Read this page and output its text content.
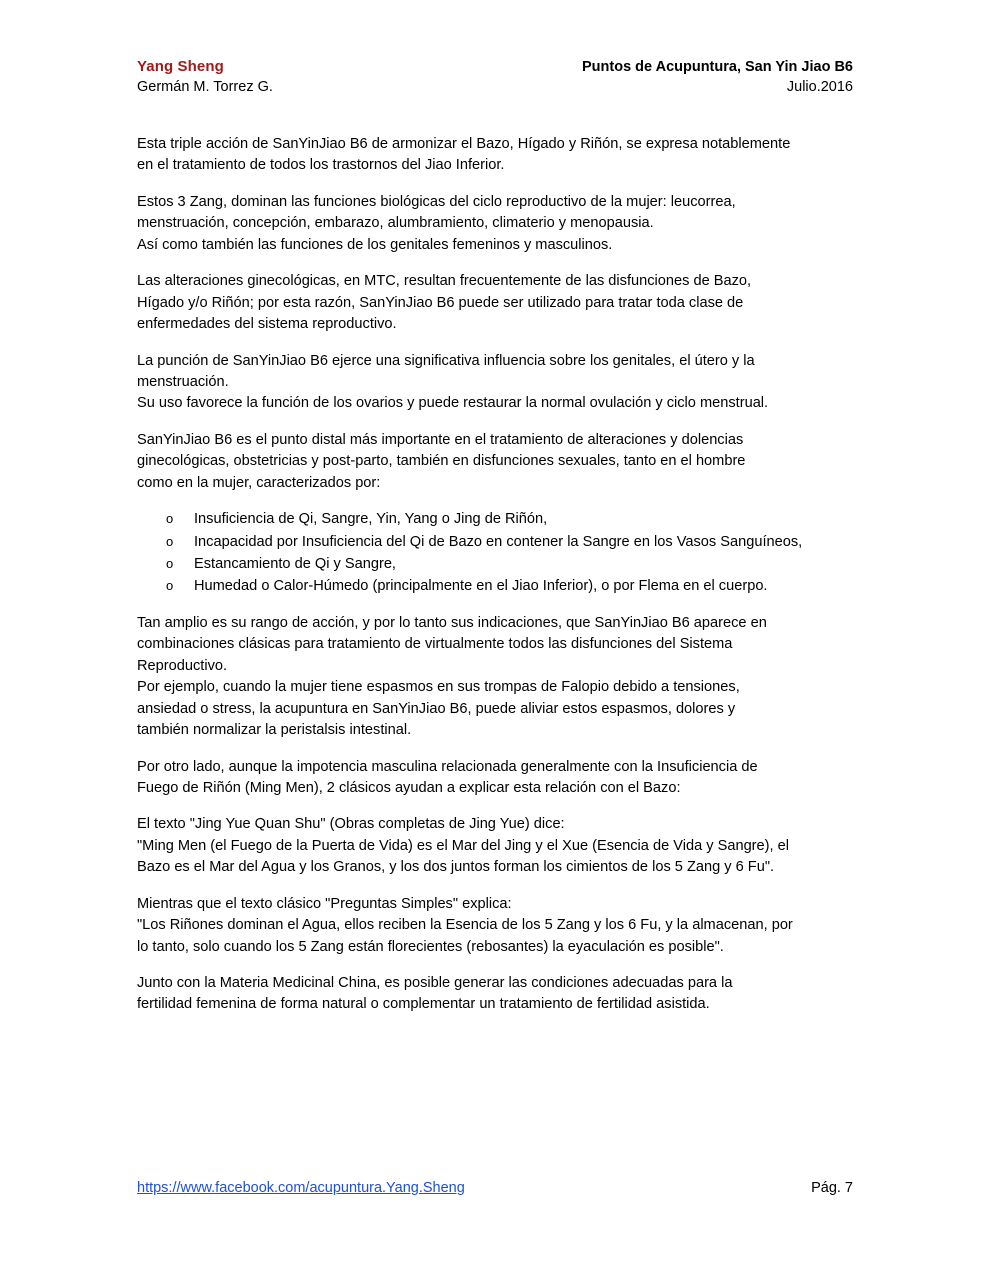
Yang Sheng	Puntos de Acupuntura, San Yin Jiao B6
Germán M. Torrez G.	Julio.2016

Esta triple acción de SanYinJiao B6 de armonizar el Bazo, Hígado y Riñón, se expresa notablemente
en el tratamiento de todos los trastornos del Jiao Inferior.

Estos 3 Zang, dominan las funciones biológicas del ciclo reproductivo de la mujer: leucorrea,
menstruación, concepción, embarazo, alumbramiento, climaterio y menopausia.
Así como también las funciones de los genitales femeninos y masculinos.

Las alteraciones ginecológicas, en MTC, resultan frecuentemente de las disfunciones de Bazo,
Hígado y/o Riñón; por esta razón, SanYinJiao B6 puede ser utilizado para tratar toda clase de
enfermedades del sistema reproductivo.

La punción de SanYinJiao B6 ejerce una significativa influencia sobre los genitales, el útero y la
menstruación.
Su uso favorece la función de los ovarios y puede restaurar la normal ovulación y ciclo menstrual.

SanYinJiao B6 es el punto distal más importante en el tratamiento de alteraciones y dolencias
ginecológicas, obstetricias y post-parto, también en disfunciones sexuales, tanto en el hombre
como en la mujer, caracterizados por:

o Insuficiencia de Qi, Sangre, Yin, Yang o Jing de Riñón,
o Incapacidad por Insuficiencia del Qi de Bazo en contener la Sangre en los Vasos Sanguíneos,
o Estancamiento de Qi y Sangre,
o Humedad o Calor-Húmedo (principalmente en el Jiao Inferior), o por Flema en el cuerpo.

Tan amplio es su rango de acción, y por lo tanto sus indicaciones, que SanYinJiao B6 aparece en
combinaciones clásicas para tratamiento de virtualmente todos las disfunciones del Sistema
Reproductivo.
Por ejemplo, cuando la mujer tiene espasmos en sus trompas de Falopio debido a tensiones,
ansiedad o stress, la acupuntura en SanYinJiao B6, puede aliviar estos espasmos, dolores y
también normalizar la peristalsis intestinal.

Por otro lado, aunque la impotencia masculina relacionada generalmente con la Insuficiencia de
Fuego de Riñón (Ming Men), 2 clásicos ayudan a explicar esta relación con el Bazo:

El texto "Jing Yue Quan Shu" (Obras completas de Jing Yue) dice:
"Ming Men (el Fuego de la Puerta de Vida) es el Mar del Jing y el Xue (Esencia de Vida y Sangre), el
Bazo es el Mar del Agua y los Granos, y los dos juntos forman los cimientos de los 5 Zang y 6 Fu".

Mientras que el texto clásico "Preguntas Simples" explica:
"Los Riñones dominan el Agua, ellos reciben la Esencia de los 5 Zang y los 6 Fu, y la almacenan, por
lo tanto, solo cuando los 5 Zang están florecientes (rebosantes) la eyaculación es posible".

Junto con la Materia Medicinal China, es posible generar las condiciones adecuadas para la
fertilidad femenina de forma natural o complementar un tratamiento de fertilidad asistida.

https://www.facebook.com/acupuntura.Yang.Sheng	Pág. 7
